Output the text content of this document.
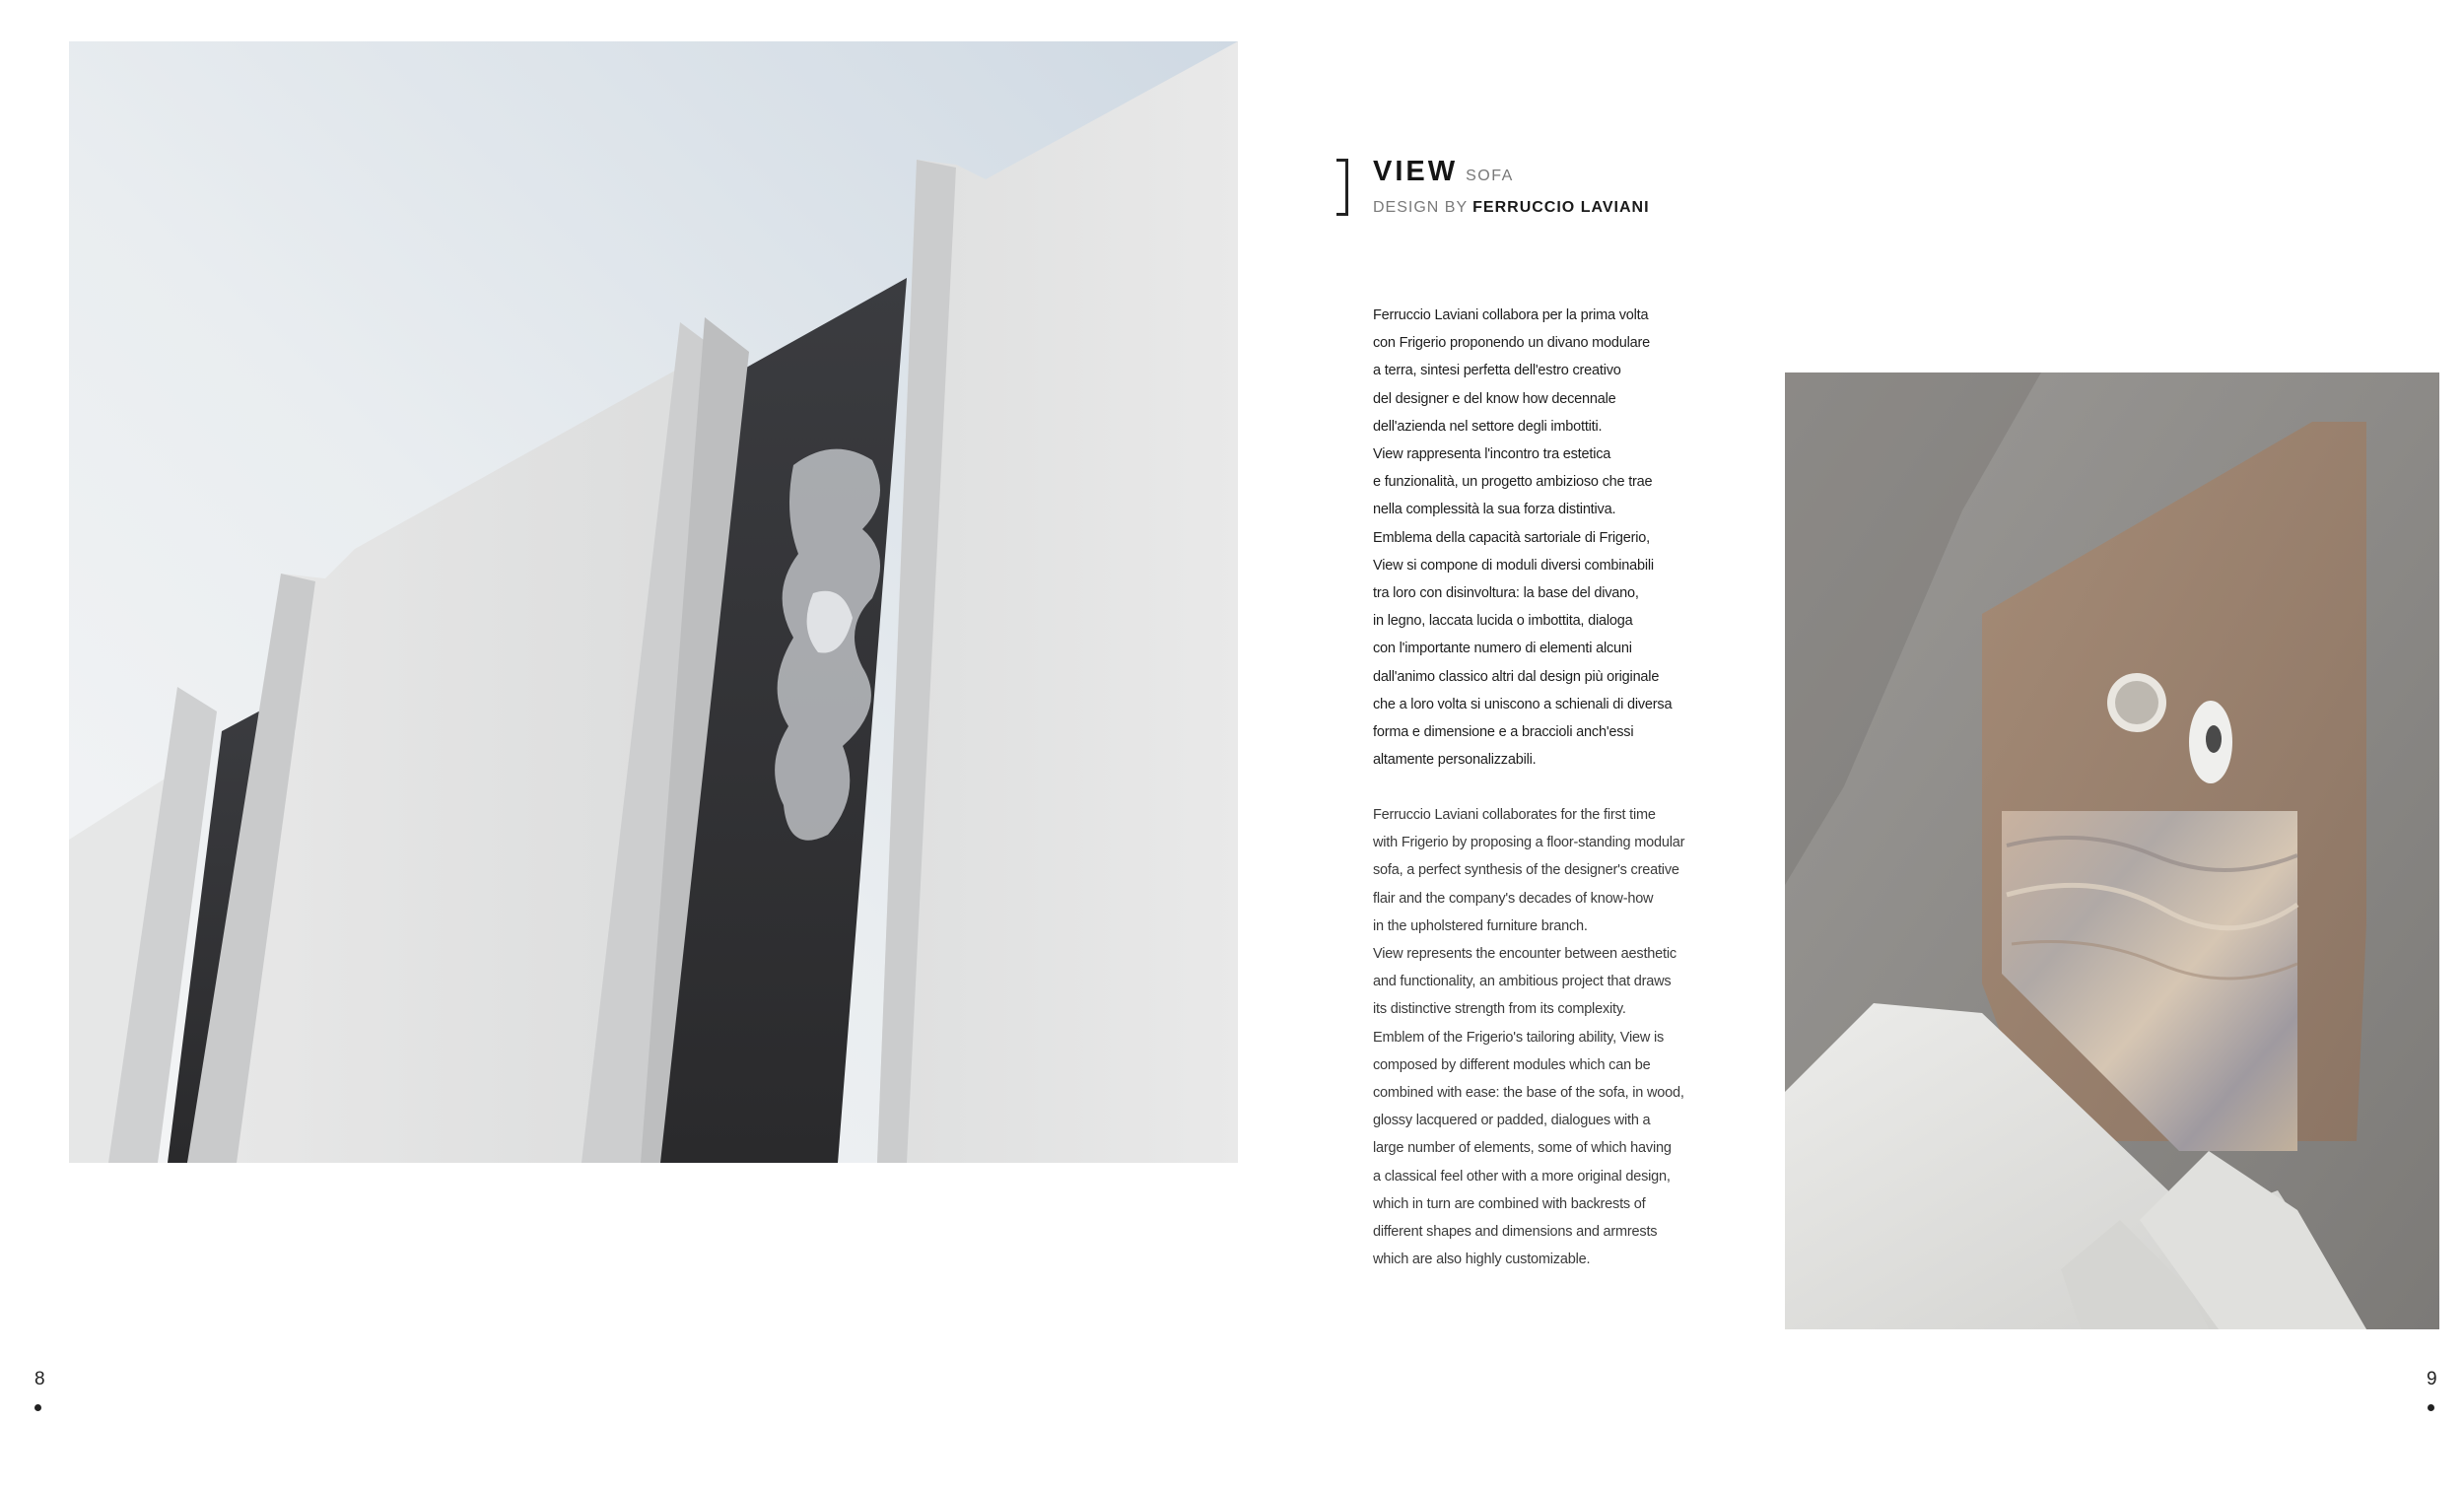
VIEW SOFA
DESIGN BY FERRUCCIO LAVIANI
Ferruccio Laviani collabora per la prima volta
con Frigerio proponendo un divano modulare
a terra, sintesi perfetta dell'estro creativo
del designer e del know how decennale
dell'azienda nel settore degli imbottiti.
View rappresenta l'incontro tra estetica
e funzionalità, un progetto ambizioso che trae
nella complessità la sua forza distintiva.
Emblema della capacità sartoriale di Frigerio,
View si compone di moduli diversi combinabili
tra loro con disinvoltura: la base del divano,
in legno, laccata lucida o imbottita, dialoga
con l'importante numero di elementi alcuni
dall'animo classico altri dal design più originale
che a loro volta si uniscono a schienali di diversa
forma e dimensione e a braccioli anch'essi
altamente personalizzabili.
Ferruccio Laviani collaborates for the first time
with Frigerio by proposing a floor-standing modular
sofa, a perfect synthesis of the designer's creative
flair and the company's decades of know-how
in the upholstered furniture branch.
View represents the encounter between aesthetic
and functionality, an ambitious project that draws
its distinctive strength from its complexity.
Emblem of the Frigerio's tailoring ability, View is
composed by different modules which can be
combined with ease: the base of the sofa, in wood,
glossy lacquered or padded, dialogues with a
large number of elements, some of which having
a classical feel other with a more original design,
which in turn are combined with backrests of
different shapes and dimensions and armrests
which are also highly customizable.
8	9
